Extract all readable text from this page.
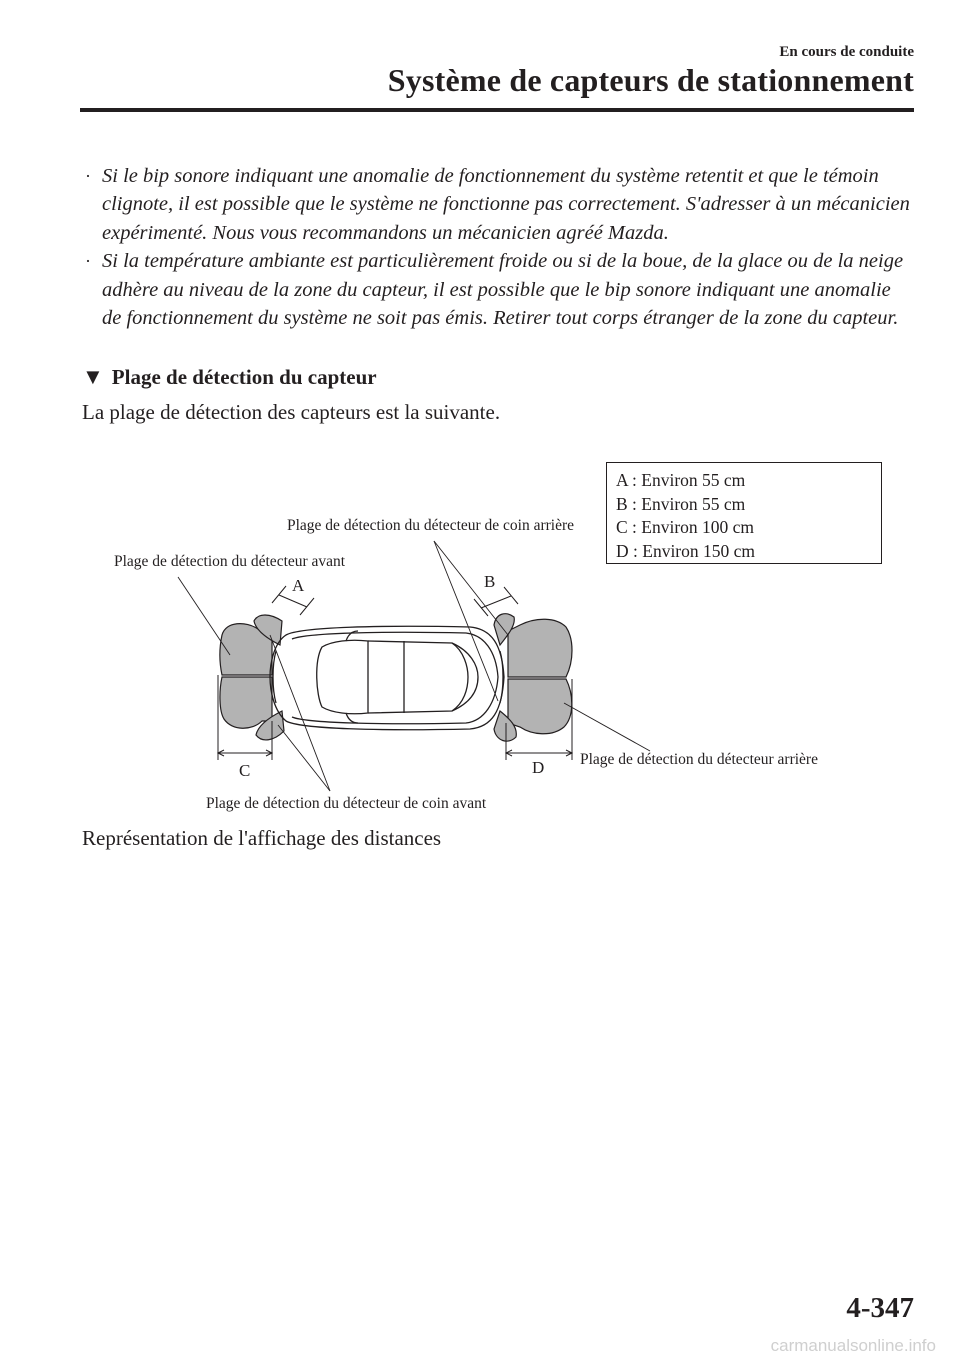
En cours de conduite
Système de capteurs de stationnement
· Si le bip sonore indiquant une anomalie de fonctionnement du système retentit et que le témoin clignote, il est possible que le système ne fonctionne pas correctement. S'adresser à un mécanicien expérimenté. Nous vous recommandons un mécanicien agréé Mazda.
· Si la température ambiante est particulièrement froide ou si de la boue, de la glace ou de la neige adhère au niveau de la zone du capteur, il est possible que le bip sonore indiquant une anomalie de fonctionnement du système ne soit pas émis. Retirer tout corps étranger de la zone du capteur.
▼ Plage de détection du capteur
La plage de détection des capteurs est la suivante.
Plage de détection du détecteur de coin arrière
Plage de détection du détecteur avant
Plage de détection du détecteur arrière
Plage de détection du détecteur de coin avant
A	B
C	D
A : Environ 55 cm
B : Environ 55 cm
C : Environ 100 cm
D : Environ 150 cm
Représentation de l'affichage des distances
4-347
carmanualsonline.info
